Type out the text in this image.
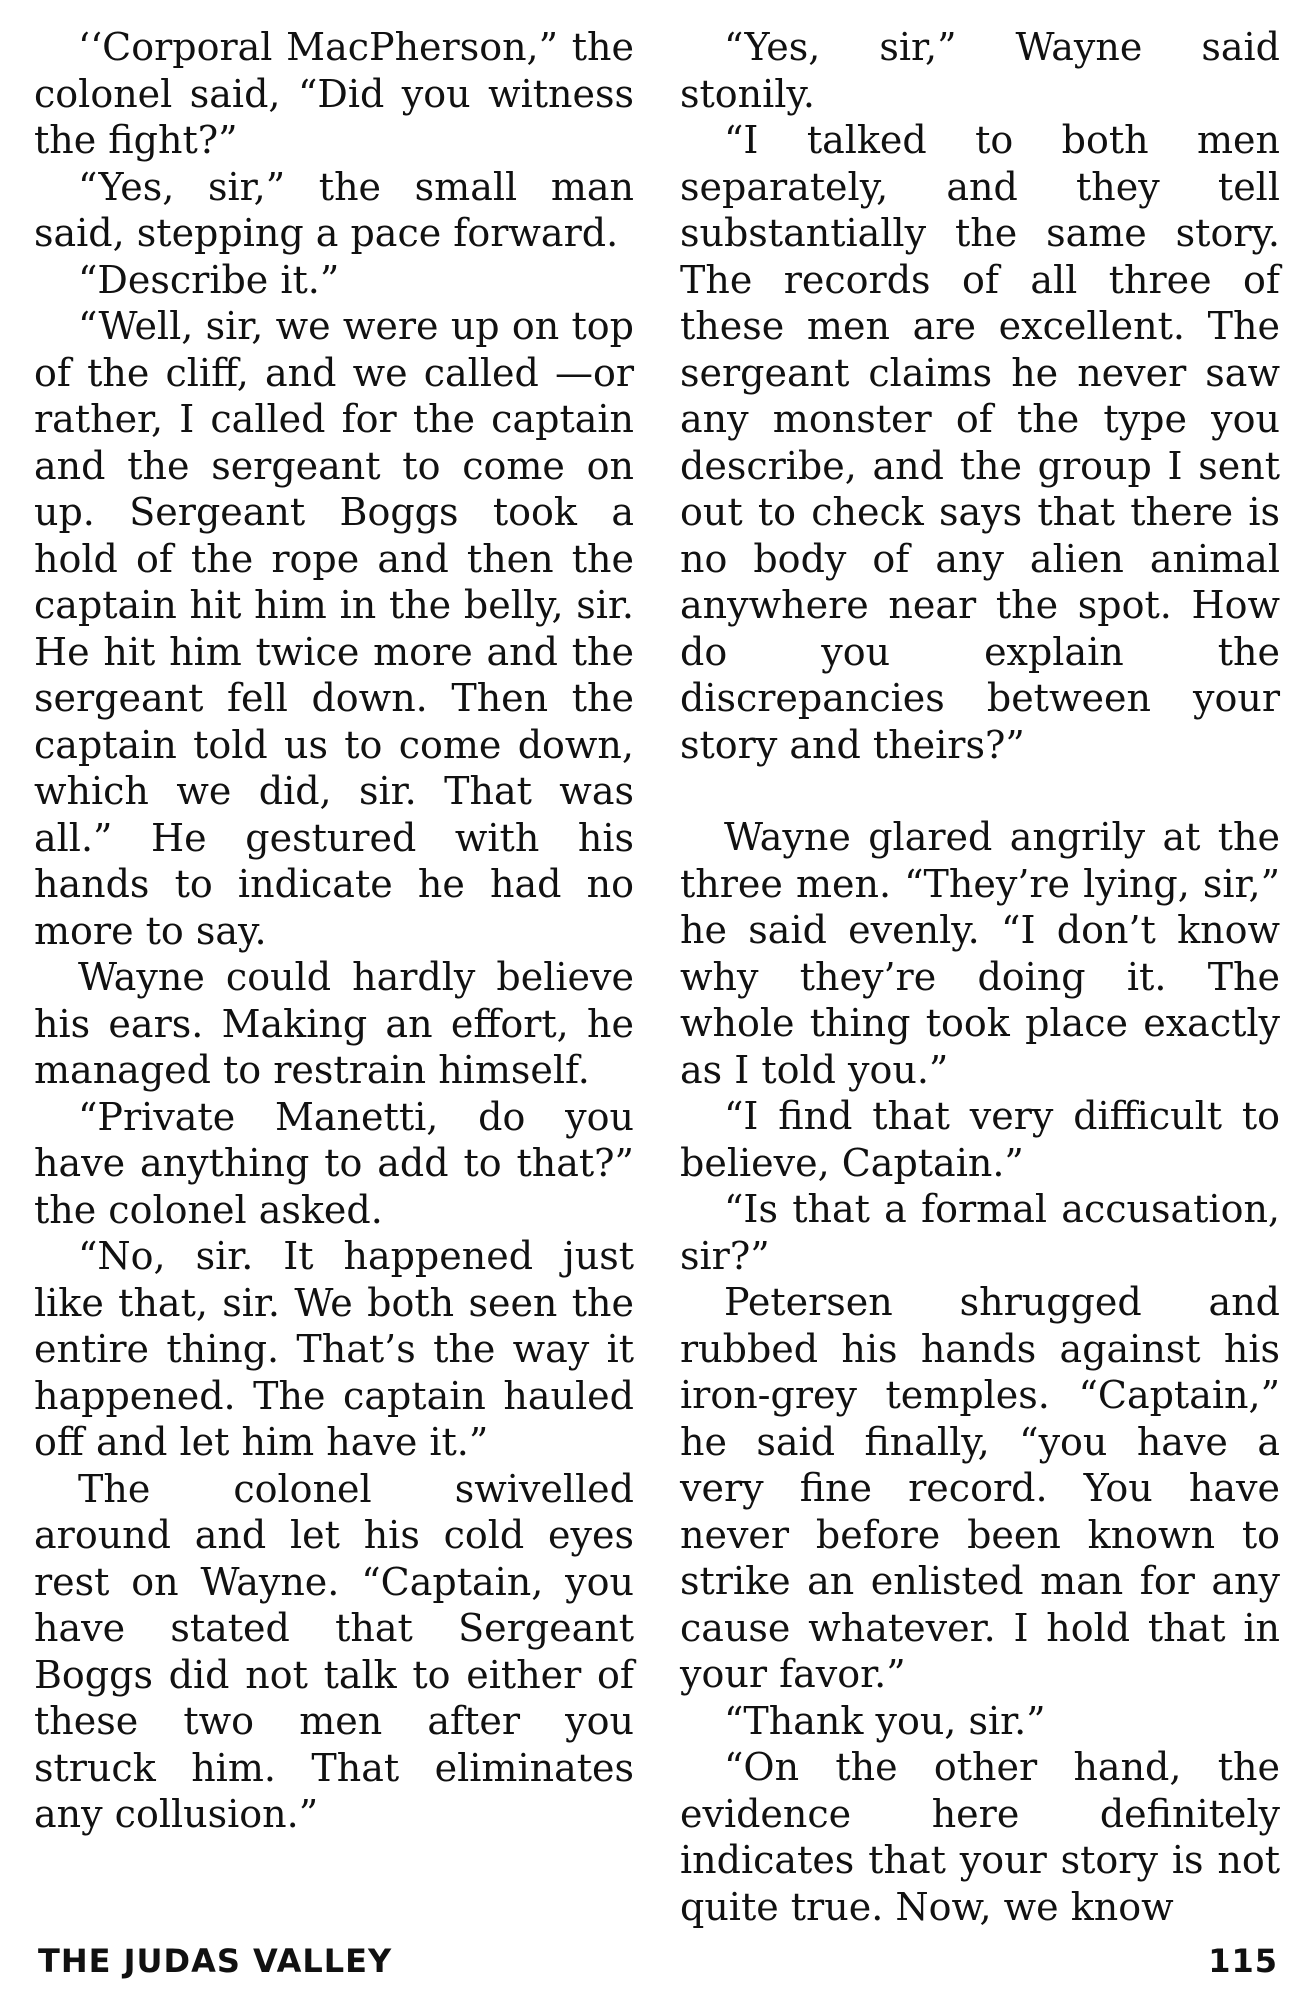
‘‘Corporal MacPherson,” the colonel said, “Did you witness the fight?”

“Yes, sir,” the small man said, stepping a pace forward.

“Describe it.”

“Well, sir, we were up on top of the cliff, and we called —or rather, I called for the captain and the sergeant to come on up. Sergeant Boggs took a hold of the rope and then the captain hit him in the belly, sir. He hit him twice more and the sergeant fell down. Then the captain told us to come down, which we did, sir. That was all.” He gestured with his hands to indicate he had no more to say.

Wayne could hardly believe his ears. Making an effort, he managed to restrain himself.

“Private Manetti, do you have anything to add to that?” the colonel asked.

“No, sir. It happened just like that, sir. We both seen the entire thing. That’s the way it happened. The captain hauled off and let him have it.”

The colonel swivelled around and let his cold eyes rest on Wayne. “Captain, you have stated that Sergeant Boggs did not talk to either of these two men after you struck him. That eliminates any collusion.”

“Yes, sir,” Wayne said stonily.

“I talked to both men separately, and they tell substantially the same story. The records of all three of these men are excellent. The sergeant claims he never saw any monster of the type you describe, and the group I sent out to check says that there is no body of any alien animal anywhere near the spot. How do you explain the discrepancies between your story and theirs?”

Wayne glared angrily at the three men. “They’re lying, sir,” he said evenly. “I don’t know why they’re doing it. The whole thing took place exactly as I told you.”

“I find that very difficult to believe, Captain.”

“Is that a formal accusation, sir?”

Petersen shrugged and rubbed his hands against his iron-grey temples. “Captain,” he said finally, “you have a very fine record. You have never before been known to strike an enlisted man for any cause whatever. I hold that in your favor.”

“Thank you, sir.”

“On the other hand, the evidence here definitely indicates that your story is not quite true. Now, we know

THE JUDAS VALLEY	115
